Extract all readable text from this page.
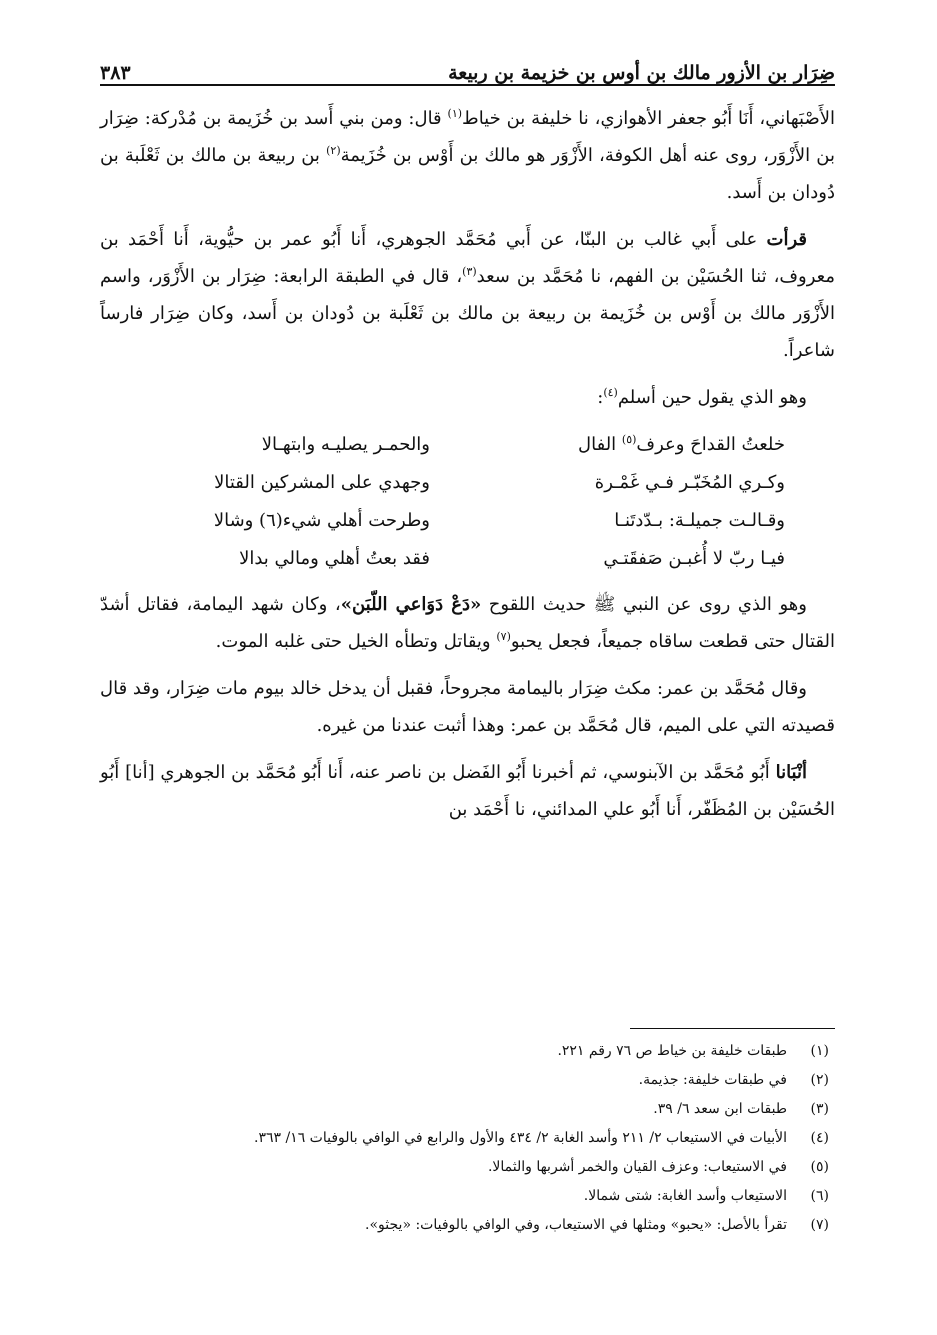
ضِرَار بن الأزور مالك بن أوس بن خزيمة بن ربيعة
٣٨٣

الأَصْبَهاني، أَنَا أَبُو جعفر الأهوازي، نا خليفة بن خياط$^{(١)}$ قال: ومن بني أَسد بن خُزَيمة بن مُدْركة: ضِرَار بن الأَزْوَر، روى عنه أهل الكوفة، الأَزْوَر هو مالك بن أَوْس بن خُزَيمة$^{(٢)}$ بن ربيعة بن مالك بن ثَعْلَبة بن دُودان بن أَسد.

قرأت على أَبي غالب بن البنّا، عن أَبي مُحَمَّد الجوهري، أَنا أَبُو عمر بن حيُّوية، أَنا أَحْمَد بن معروف، ثنا الحُسَيْن بن الفهم، نا مُحَمَّد بن سعد$^{(٣)}$، قال في الطبقة الرابعة: ضِرَار بن الأَزْوَر، واسم الأَزْوَر مالك بن أَوْس بن خُزَيمة بن ربيعة بن مالك بن ثَعْلَبة بن دُودان بن أَسد، وكان ضِرَار فارساً شاعراً.

وهو الذي يقول حين أسلم$^{(٤)}$:

خلعتُ القداحَ وعرف$^{(٥)}$ الفال
والحمـر يصليـه وابتهـالا
وكـري المُخَبّـر فـي غَمْـرة
وجهدي على المشركين القتالا
وقـالـت جميلـة: بـدّدتَنـا
وطرحت أهلي شيء(٦) وشالا
فيـا ربّ لا أُغبـن صَفقَتـي
فقد بعتُ أهلي ومالي بدالا

وهو الذي روى عن النبي ﷺ حديث اللقوح «دَعْ دَوَاعي اللّبَن»، وكان شهد اليمامة، فقاتل أشدّ القتال حتى قطعت ساقاه جميعاً، فجعل يحبو$^{(٧)}$ ويقاتل وتطأه الخيل حتى غلبه الموت.

وقال مُحَمَّد بن عمر: مكث ضِرَار باليمامة مجروحاً، فقبل أن يدخل خالد بيوم مات ضِرَار، وقد قال قصيدته التي على الميم، قال مُحَمَّد بن عمر: وهذا أثبت عندنا من غيره.

أنْبَانا أَبُو مُحَمَّد بن الآبنوسي، ثم أخبرنا أَبُو الفَضل بن ناصر عنه، أَنا أَبُو مُحَمَّد بن الجوهري [أنا] أَبُو الحُسَيْن بن المُظَفّر، أَنا أَبُو علي المدائني، نا أَحْمَد بن

(١)
طبقات خليفة بن خياط ص ٧٦ رقم ٢٢١.
(٢)
في طبقات خليفة: جذيمة.
(٣)
طبقات ابن سعد ٦/ ٣٩.
(٤)
الأبيات في الاستيعاب ٢/ ٢١١ وأسد الغابة ٢/ ٤٣٤ والأول والرابع في الوافي بالوفيات ١٦/ ٣٦٣.
(٥)
في الاستيعاب: وعزف القيان والخمر أشربها والثمالا.
(٦)
الاستيعاب وأسد الغابة: شتى شمالا.
(٧)
تقرأ بالأصل: «يحبو» ومثلها في الاستيعاب، وفي الوافي بالوفيات: «يجثو».
